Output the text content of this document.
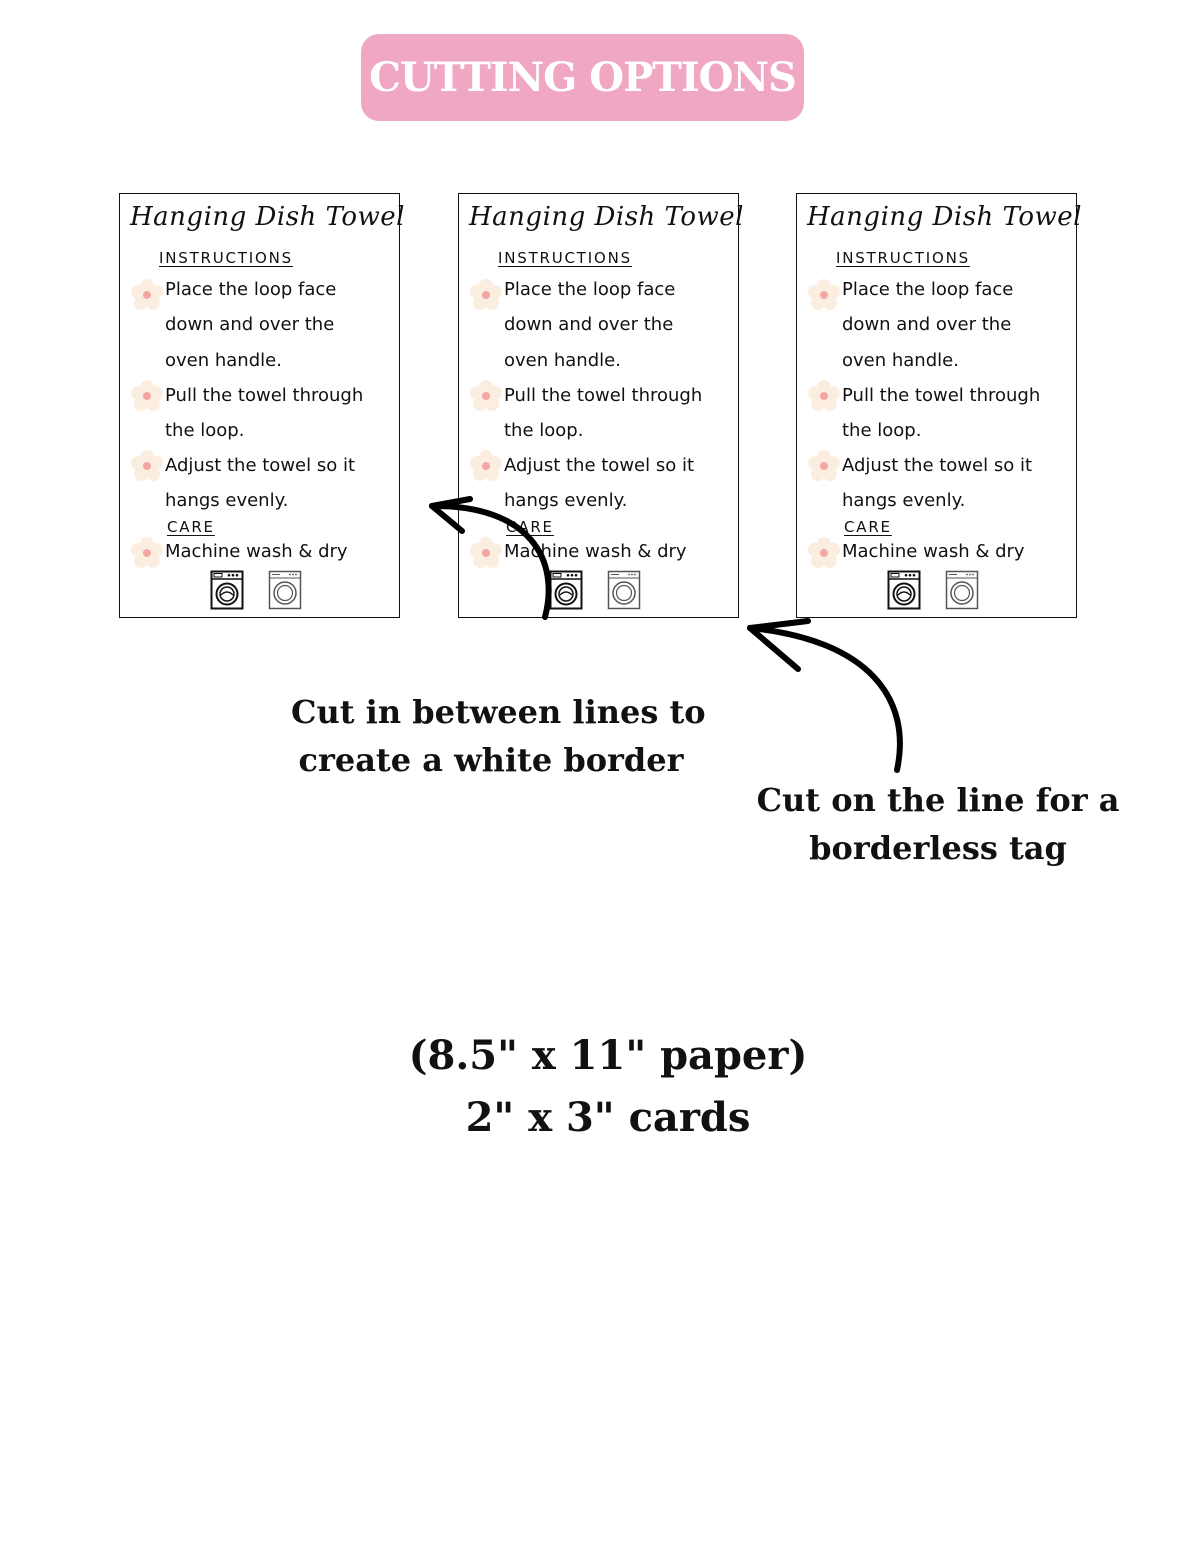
CUTTING OPTIONS
Hanging Dish Towel
INSTRUCTIONS
Place the loop face
down and over the
oven handle.
Pull the towel through
the loop.
Adjust the towel so it
hangs evenly.
CARE
Machine wash & dry
Hanging Dish Towel
INSTRUCTIONS
Place the loop face
down and over the
oven handle.
Pull the towel through
the loop.
Adjust the towel so it
hangs evenly.
CARE
Machine wash & dry
Hanging Dish Towel
INSTRUCTIONS
Place the loop face
down and over the
oven handle.
Pull the towel through
the loop.
Adjust the towel so it
hangs evenly.
CARE
Machine wash & dry
Cut in between lines to
create a white border
Cut on the line for a
borderless tag
(8.5" x 11" paper)
2" x 3" cards
